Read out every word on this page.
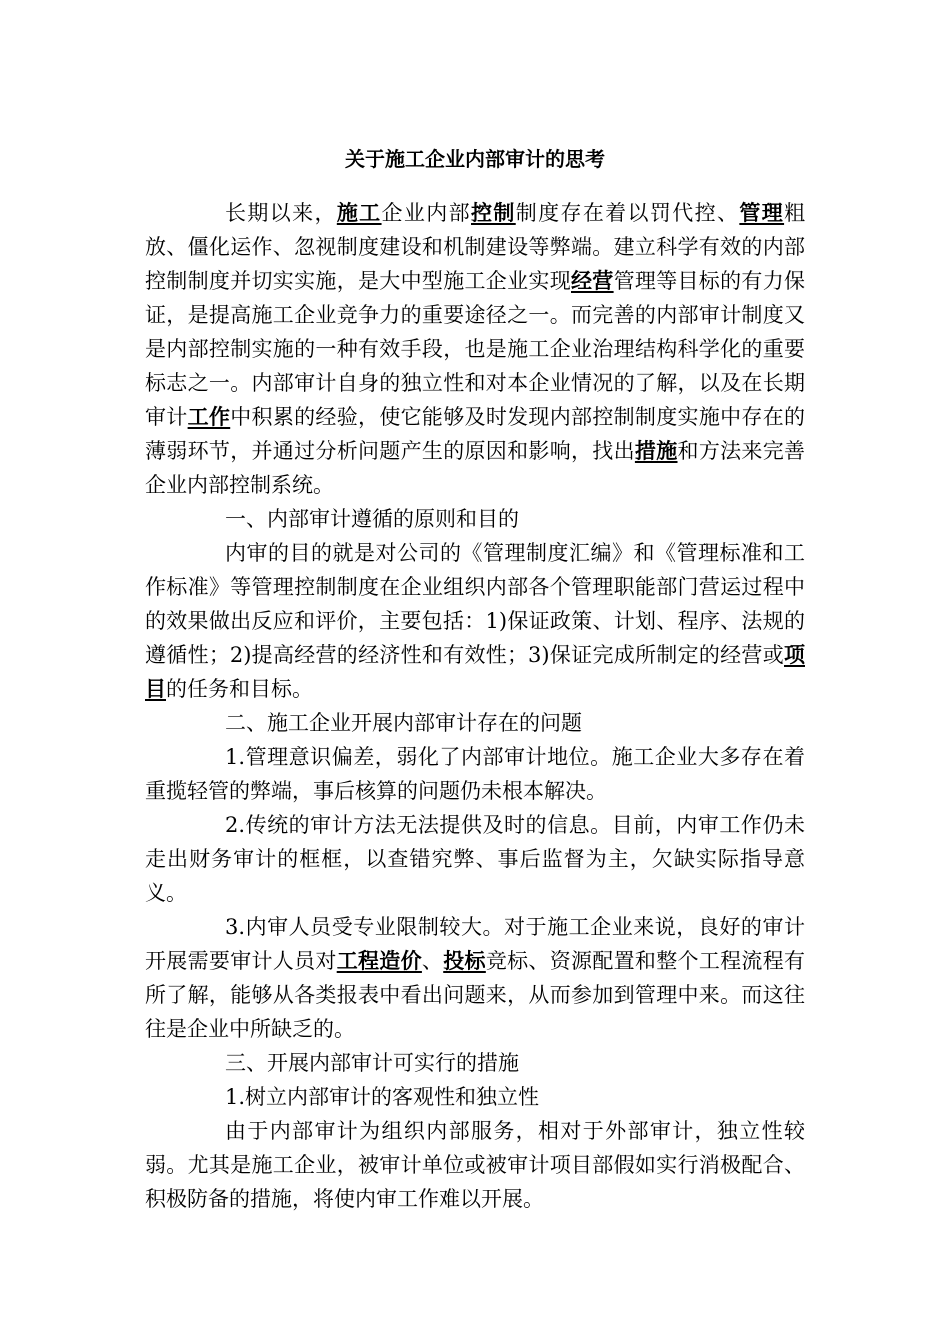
关于施工企业内部审计的思考

长期以来，施工企业内部控制制度存在着以罚代控、管理粗放、僵化运作、忽视制度建设和机制建设等弊端。建立科学有效的内部控制制度并切实实施，是大中型施工企业实现经营管理等目标的有力保证，是提高施工企业竞争力的重要途径之一。而完善的内部审计制度又是内部控制实施的一种有效手段，也是施工企业治理结构科学化的重要标志之一。内部审计自身的独立性和对本企业情况的了解，以及在长期审计工作中积累的经验，使它能够及时发现内部控制制度实施中存在的薄弱环节，并通过分析问题产生的原因和影响，找出措施和方法来完善企业内部控制系统。

一、内部审计遵循的原则和目的

内审的目的就是对公司的《管理制度汇编》和《管理标准和工作标准》等管理控制制度在企业组织内部各个管理职能部门营运过程中的效果做出反应和评价，主要包括：1)保证政策、计划、程序、法规的遵循性；2)提高经营的经济性和有效性；3)保证完成所制定的经营或项目的任务和目标。

二、施工企业开展内部审计存在的问题

1.管理意识偏差，弱化了内部审计地位。施工企业大多存在着重揽轻管的弊端，事后核算的问题仍未根本解决。

2.传统的审计方法无法提供及时的信息。目前，内审工作仍未走出财务审计的框框，以查错究弊、事后监督为主，欠缺实际指导意义。

3.内审人员受专业限制较大。对于施工企业来说，良好的审计开展需要审计人员对工程造价、投标竞标、资源配置和整个工程流程有所了解，能够从各类报表中看出问题来，从而参加到管理中来。而这往往是企业中所缺乏的。

三、开展内部审计可实行的措施

1.树立内部审计的客观性和独立性

由于内部审计为组织内部服务，相对于外部审计，独立性较弱。尤其是施工企业，被审计单位或被审计项目部假如实行消极配合、积极防备的措施，将使内审工作难以开展。
